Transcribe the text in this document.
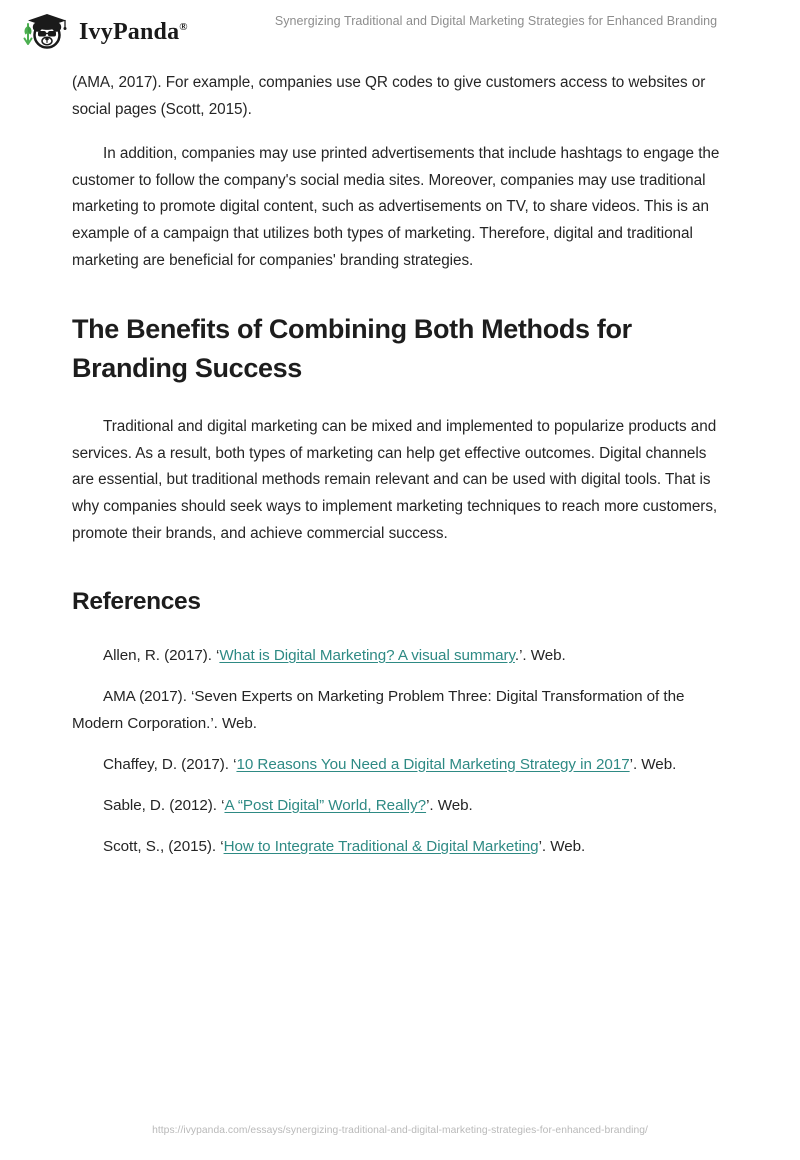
IvyPanda®	Synergizing Traditional and Digital Marketing Strategies for Enhanced Branding

(AMA, 2017). For example, companies use QR codes to give customers access to websites or social pages (Scott, 2015).

In addition, companies may use printed advertisements that include hashtags to engage the customer to follow the company's social media sites. Moreover, companies may use traditional marketing to promote digital content, such as advertisements on TV, to share videos. This is an example of a campaign that utilizes both types of marketing. Therefore, digital and traditional marketing are beneficial for companies' branding strategies.

The Benefits of Combining Both Methods for Branding Success

Traditional and digital marketing can be mixed and implemented to popularize products and services. As a result, both types of marketing can help get effective outcomes. Digital channels are essential, but traditional methods remain relevant and can be used with digital tools. That is why companies should seek ways to implement marketing techniques to reach more customers, promote their brands, and achieve commercial success.

References

Allen, R. (2017). ‘What is Digital Marketing? A visual summary.’. Web.

AMA (2017). ‘Seven Experts on Marketing Problem Three: Digital Transformation of the Modern Corporation.’. Web.

Chaffey, D. (2017). ‘10 Reasons You Need a Digital Marketing Strategy in 2017’. Web.

Sable, D. (2012). ‘A “Post Digital” World, Really?’. Web.

Scott, S., (2015). ‘How to Integrate Traditional & Digital Marketing’. Web.

https://ivypanda.com/essays/synergizing-traditional-and-digital-marketing-strategies-for-enhanced-branding/
